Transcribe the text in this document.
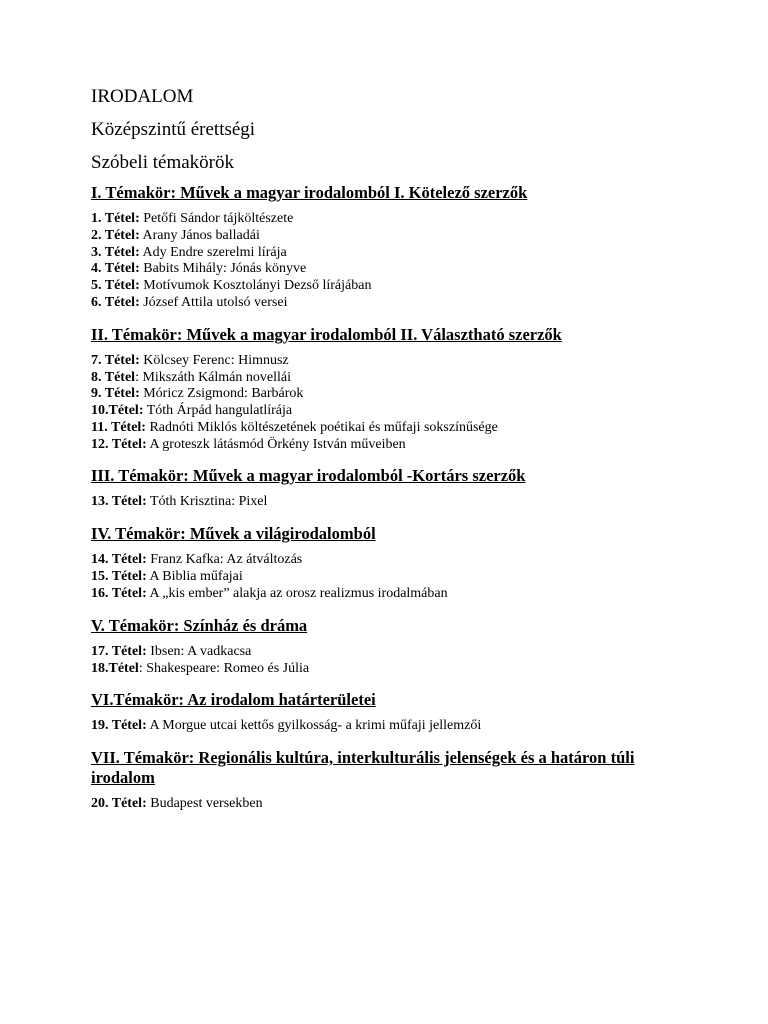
IRODALOM
Középszintű érettségi
Szóbeli témakörök
I. Témakör: Művek a magyar irodalomból I. Kötelező szerzők
1. Tétel: Petőfi Sándor tájköltészete
2. Tétel: Arany János balladái
3. Tétel: Ady Endre szerelmi lírája
4. Tétel: Babits Mihály: Jónás könyve
5. Tétel: Motívumok Kosztolányi Dezső lírájában
6. Tétel: József Attila utolsó versei
II. Témakör: Művek a magyar irodalomból II. Választható szerzők
7. Tétel: Kölcsey Ferenc: Himnusz
8. Tétel: Mikszáth Kálmán novellái
9. Tétel: Móricz Zsigmond: Barbárok
10.Tétel: Tóth Árpád hangulatlírája
11. Tétel: Radnóti Miklós költészetének poétikai és műfaji sokszínűsége
12. Tétel: A groteszk látásmód Örkény István műveiben
III. Témakör: Művek a magyar irodalomból -Kortárs szerzők
13. Tétel: Tóth Krisztina: Pixel
IV. Témakör: Művek a világirodalomból
14. Tétel: Franz Kafka: Az átváltozás
15. Tétel: A Biblia műfajai
16. Tétel: A „kis ember” alakja az orosz realizmus irodalmában
V. Témakör: Színház és dráma
17. Tétel: Ibsen: A vadkacsa
18.Tétel: Shakespeare: Romeo és Júlia
VI.Témakör: Az irodalom határterületei
19. Tétel: A Morgue utcai kettős gyilkosság- a krimi műfaji jellemzői
VII. Témakör: Regionális kultúra, interkulturális jelenségek és a határon túli irodalom
20. Tétel: Budapest versekben
